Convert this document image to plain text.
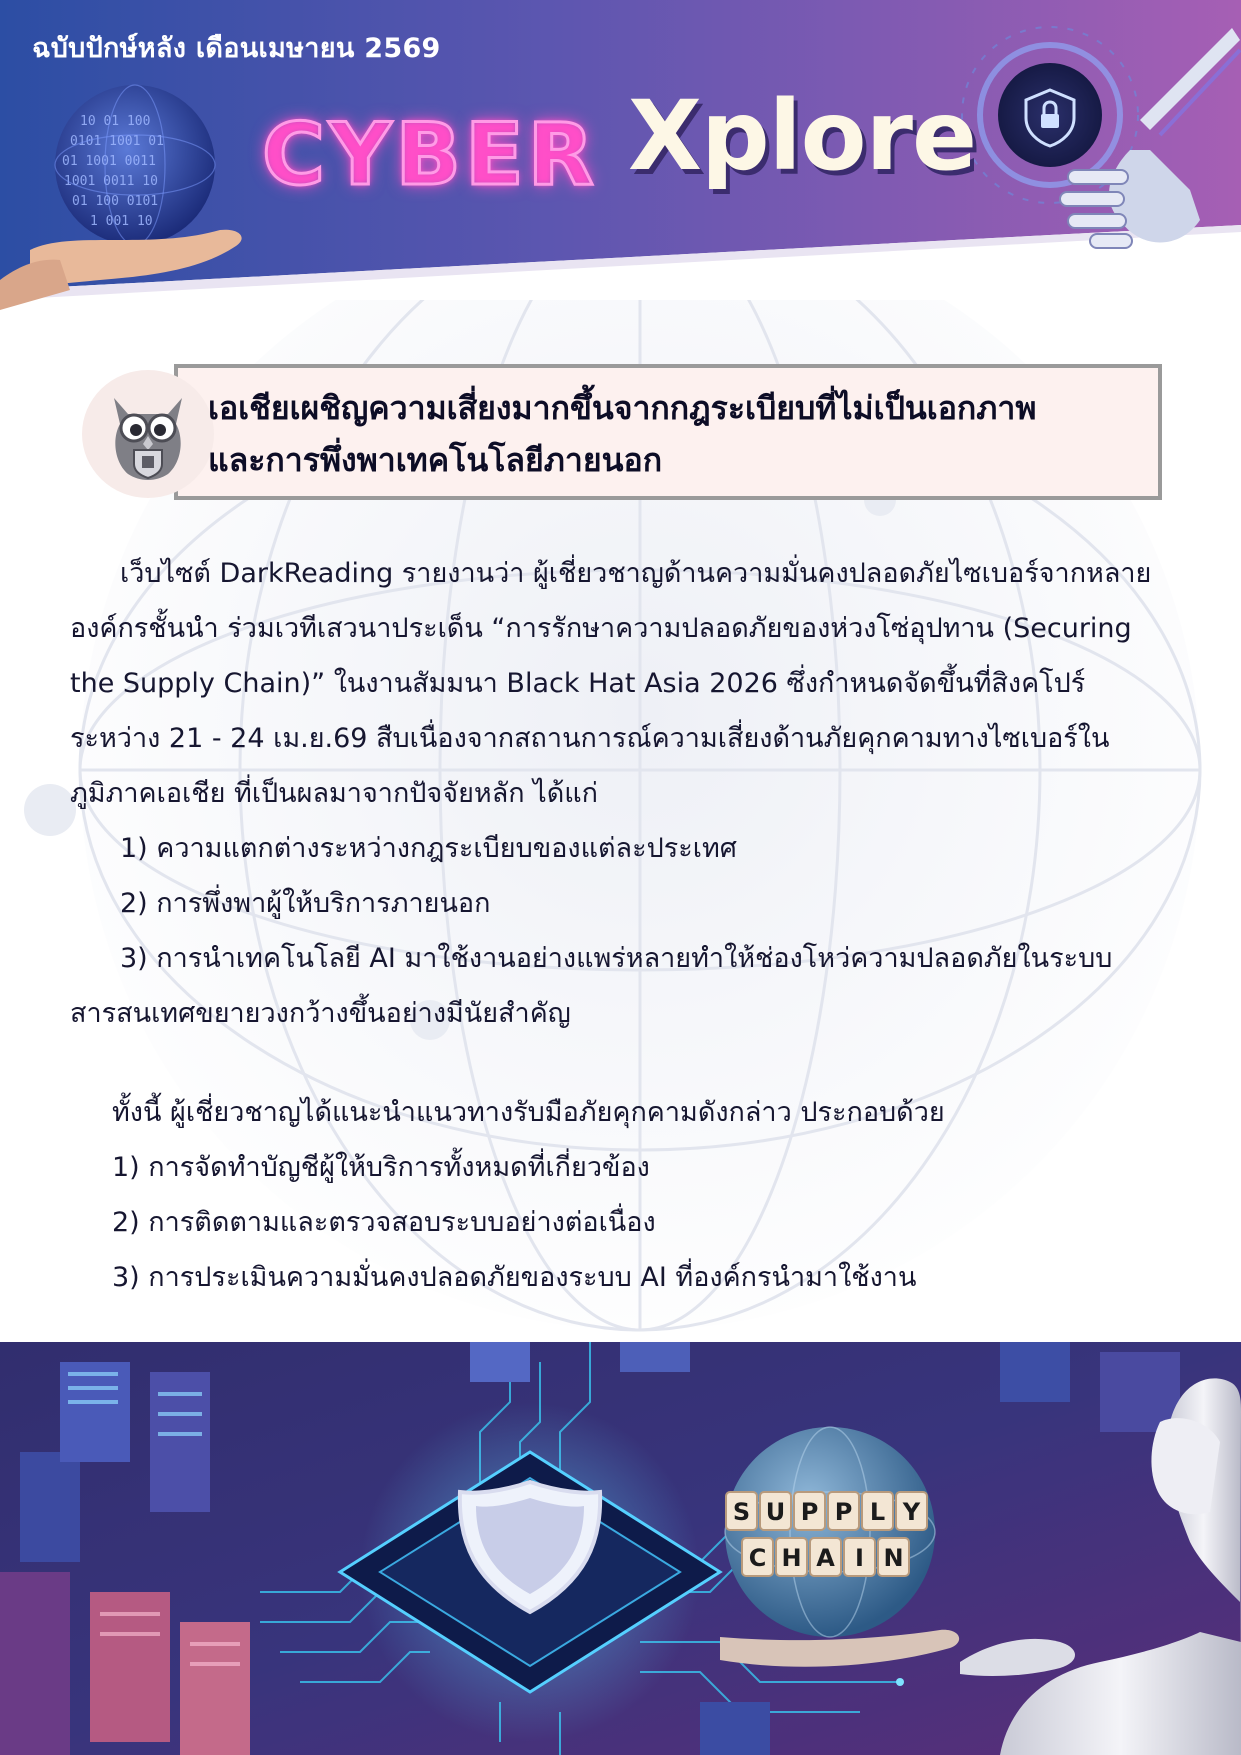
10 01 100
0101 1001 01
01 1001 0011
1001 0011 10
01 100 0101
1 001 10
ฉบับปักษ์หลัง เดือนเมษายน 2569
CYBER Xplore
เอเชียเผชิญความเสี่ยงมากขึ้นจากกฎระเบียบที่ไม่เป็นเอกภาพ
และการพึ่งพาเทคโนโลยีภายนอก

เว็บไซต์ DarkReading รายงานว่า ผู้เชี่ยวชาญด้านความมั่นคงปลอดภัยไซเบอร์จากหลายองค์กรชั้นนำ ร่วมเวทีเสวนาประเด็น “การรักษาความปลอดภัยของห่วงโซ่อุปทาน (Securing the Supply Chain)” ในงานสัมมนา Black Hat Asia 2026 ซึ่งกำหนดจัดขึ้นที่สิงคโปร์ ระหว่าง 21 - 24 เม.ย.69 สืบเนื่องจากสถานการณ์ความเสี่ยงด้านภัยคุกคามทางไซเบอร์ในภูมิภาคเอเชีย ที่เป็นผลมาจากปัจจัยหลัก ได้แก่

1) ความแตกต่างระหว่างกฎระเบียบของแต่ละประเทศ

2) การพึ่งพาผู้ให้บริการภายนอก

3) การนำเทคโนโลยี AI มาใช้งานอย่างแพร่หลายทำให้ช่องโหว่ความปลอดภัยในระบบสารสนเทศขยายวงกว้างขึ้นอย่างมีนัยสำคัญ

ทั้งนี้ ผู้เชี่ยวชาญได้แนะนำแนวทางรับมือภัยคุกคามดังกล่าว ประกอบด้วย

1) การจัดทำบัญชีผู้ให้บริการทั้งหมดที่เกี่ยวข้อง

2) การติดตามและตรวจสอบระบบอย่างต่อเนื่อง

3) การประเมินความมั่นคงปลอดภัยของระบบ AI ที่องค์กรนำมาใช้งาน

S U P P L Y
C H A I N
